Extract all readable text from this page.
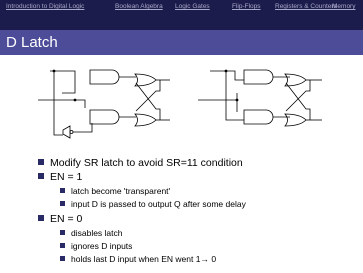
Introduction to Digital Logic	Boolean Algebra Logic Gates	Flip-Flops Registers & Counters
Memory
D Latch
Modify SR latch to avoid SR=11 condition
EN = 1
latch become 'transparent'
input D is passed to output Q after some delay
EN = 0
disables latch
ignores D inputs
holds last D input when EN went 1→ 0
